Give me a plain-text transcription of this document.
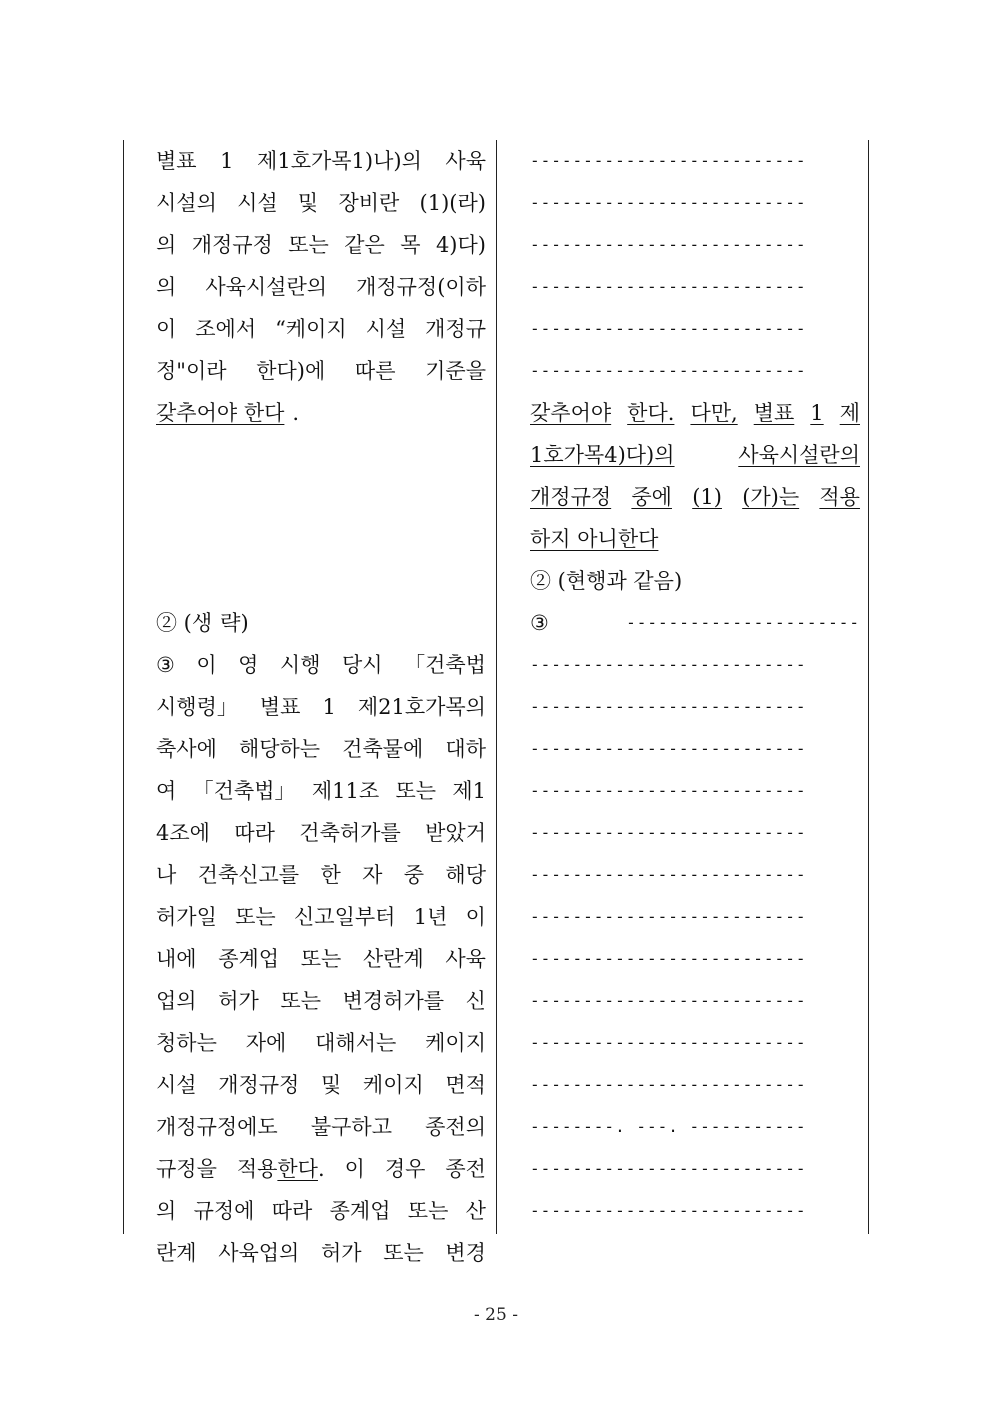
별표 1 제1호가목1)나)의 사육
시설의 시설 및 장비란 (1)(라)
의 개정규정 또는 같은 목 4)다)
의 사육시설란의 개정규정(이하
이 조에서 “케이지 시설 개정규
정"이라 한다)에 따른 기준을
갖추어야 한다 .
② (생 략)
③ 이 영 시행 당시 「건축법
시행령」 별표 1 제21호가목의
축사에 해당하는 건축물에 대하
여 「건축법」 제11조 또는 제1
4조에 따라 건축허가를 받았거
나 건축신고를 한 자 중 해당
허가일 또는 신고일부터 1년 이
내에 종계업 또는 산란계 사육
업의 허가 또는 변경허가를 신
청하는 자에 대해서는 케이지
시설 개정규정 및 케이지 면적
개정규정에도 불구하고 종전의
규정을 적용한다. 이 경우 종전
의 규정에 따라 종계업 또는 산
란계 사육업의 허가 또는 변경
--------------------------
--------------------------
--------------------------
--------------------------
--------------------------
--------------------------
갖추어야 한다. 다만, 별표 1 제
1호가목4)다)의	사육시설란의
개정규정 중에 (1) (가)는 적용
하지 아니한다
② (현행과 같음)
③	----------------------
--------------------------
--------------------------
--------------------------
--------------------------
--------------------------
--------------------------
--------------------------
--------------------------
--------------------------
--------------------------
--------------------------
--------. ---. -----------
--------------------------
--------------------------
- 25 -
